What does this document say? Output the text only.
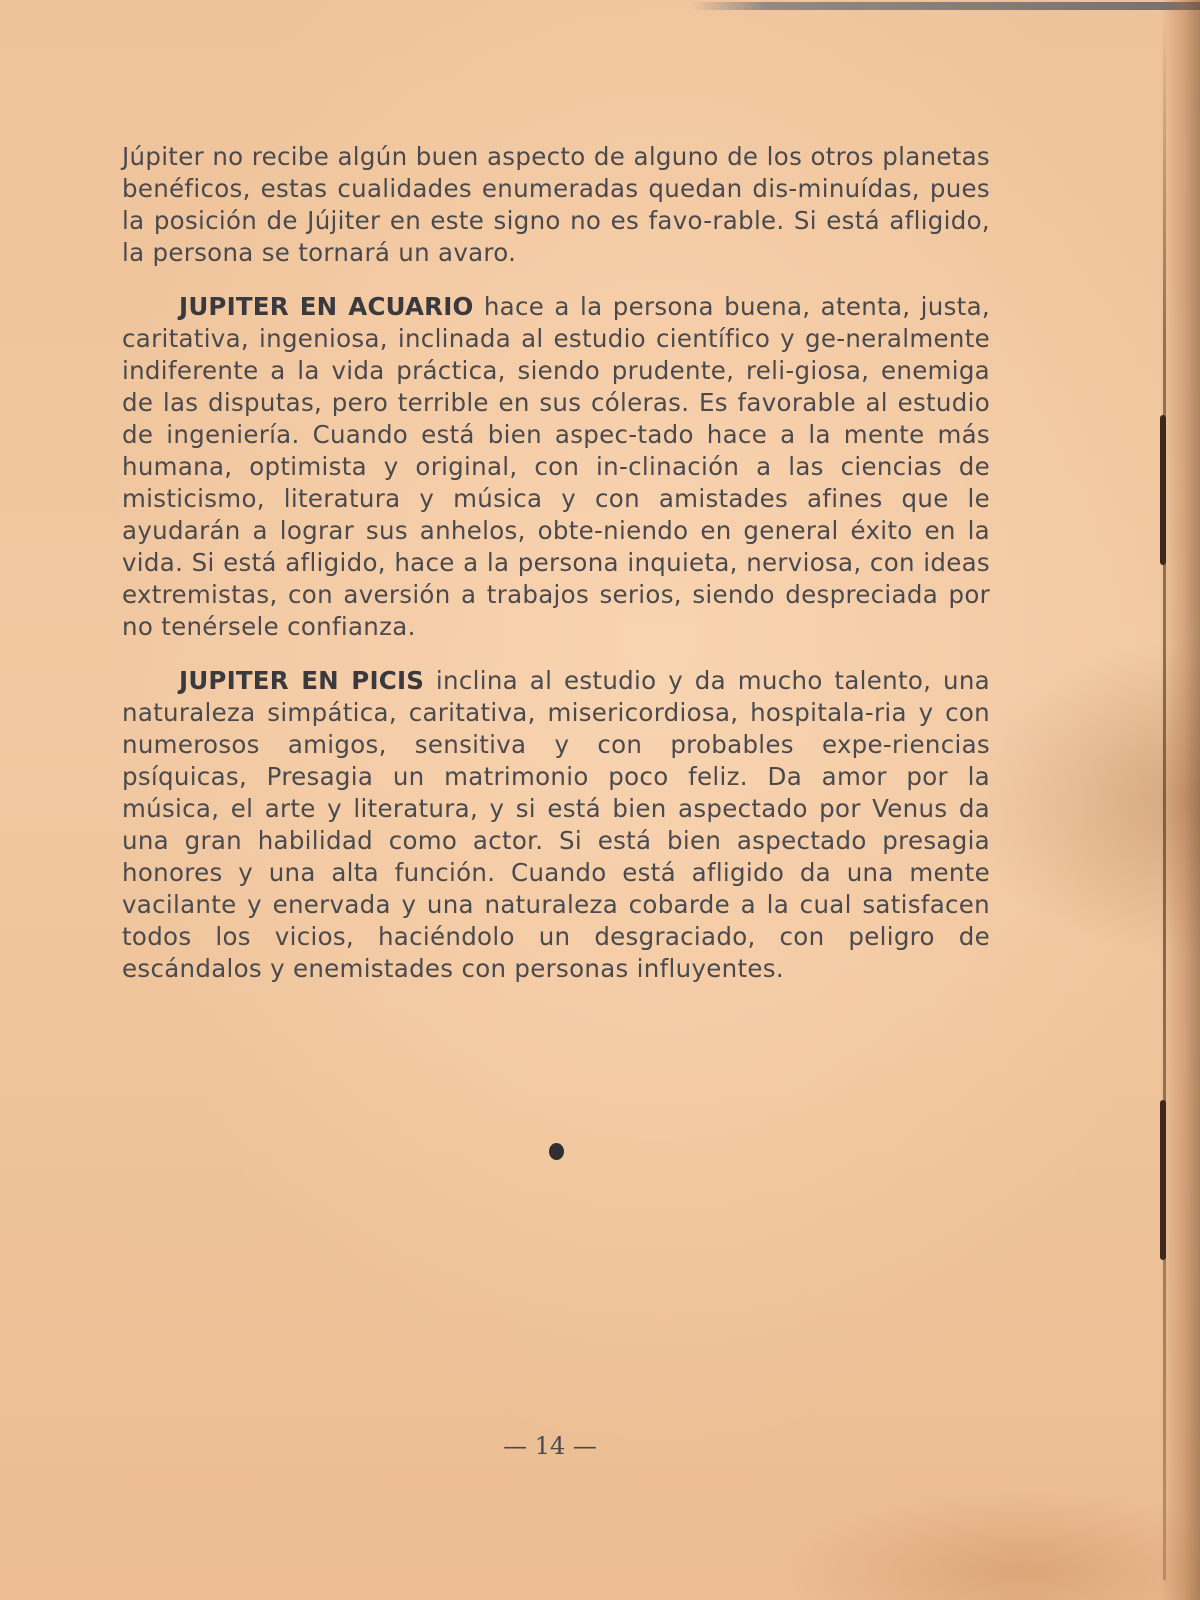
Júpiter no recibe algún buen aspecto de alguno de los otros planetas benéficos, estas cualidades enumeradas quedan dis-minuídas, pues la posición de Jújiter en este signo no es favo-rable. Si está afligido, la persona se tornará un avaro.

JUPITER EN ACUARIO hace a la persona buena, atenta, justa, caritativa, ingeniosa, inclinada al estudio científico y ge-neralmente indiferente a la vida práctica, siendo prudente, reli-giosa, enemiga de las disputas, pero terrible en sus cóleras. Es favorable al estudio de ingeniería. Cuando está bien aspec-tado hace a la mente más humana, optimista y original, con in-clinación a las ciencias de misticismo, literatura y música y con amistades afines que le ayudarán a lograr sus anhelos, obte-niendo en general éxito en la vida. Si está afligido, hace a la persona inquieta, nerviosa, con ideas extremistas, con aversión a trabajos serios, siendo despreciada por no tenérsele confianza.

JUPITER EN PICIS inclina al estudio y da mucho talento, una naturaleza simpática, caritativa, misericordiosa, hospitala-ria y con numerosos amigos, sensitiva y con probables expe-riencias psíquicas, Presagia un matrimonio poco feliz. Da amor por la música, el arte y literatura, y si está bien aspectado por Venus da una gran habilidad como actor. Si está bien aspectado presagia honores y una alta función. Cuando está afligido da una mente vacilante y enervada y una naturaleza cobarde a la cual satisfacen todos los vicios, haciéndolo un desgraciado, con peligro de escándalos y enemistades con personas influyentes.

— 14 —
